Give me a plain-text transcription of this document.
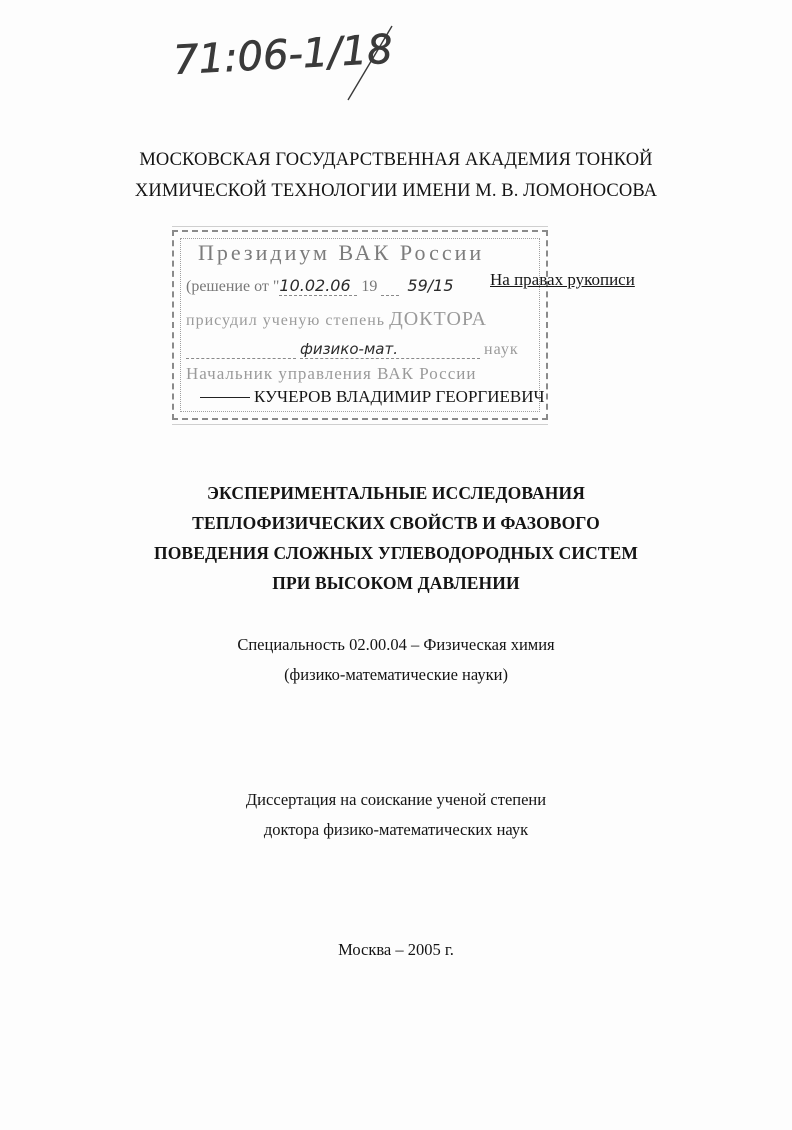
71:06-1/18
МОСКОВСКАЯ ГОСУДАРСТВЕННАЯ АКАДЕМИЯ ТОНКОЙ
ХИМИЧЕСКОЙ ТЕХНОЛОГИИ ИМЕНИ М. В. ЛОМОНОСОВА
Президиум ВАК России
(решение от "10.02.06 19 59/15
присудил ученую степень ДОКТОРА
физико-мат.	наук
Начальник управления ВАК России
На правах рукописи
КУЧЕРОВ ВЛАДИМИР ГЕОРГИЕВИЧ
ЭКСПЕРИМЕНТАЛЬНЫЕ ИССЛЕДОВАНИЯ
ТЕПЛОФИЗИЧЕСКИХ СВОЙСТВ И ФАЗОВОГО
ПОВЕДЕНИЯ СЛОЖНЫХ УГЛЕВОДОРОДНЫХ СИСТЕМ
ПРИ ВЫСОКОМ ДАВЛЕНИИ
Специальность 02.00.04 – Физическая химия
(физико-математические науки)
Диссертация на соискание ученой степени
доктора физико-математических наук
Москва – 2005 г.
